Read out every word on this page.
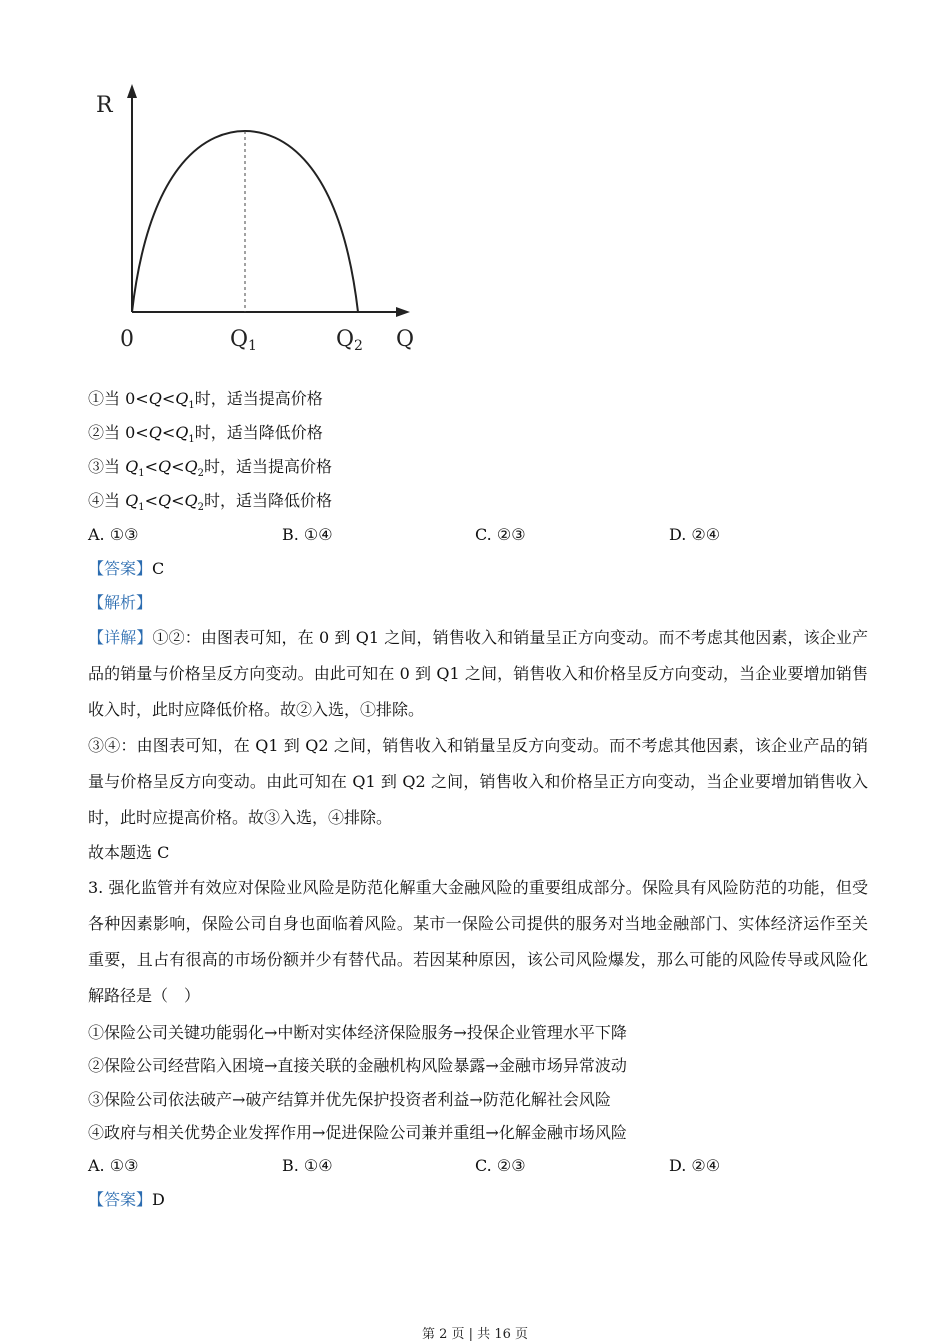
R
0	Q1	Q2 Q
①当 $0<Q<Q_1$时，适当提高价格
②当 $0<Q<Q_1$时，适当降低价格
③当 $Q_1<Q<Q_2$时，适当提高价格
④当 $Q_1<Q<Q_2$时，适当降低价格
A. ①③	B. ①④	C. ②③	D. ②④
【答案】C
【解析】
【详解】①②：由图表可知，在 0 到 Q1 之间，销售收入和销量呈正方向变动。而不考虑其他因素，该企业产品的销量与价格呈反方向变动。由此可知在 0 到 Q1 之间，销售收入和价格呈反方向变动，当企业要增加销售收入时，此时应降低价格。故②入选，①排除。
③④：由图表可知，在 Q1 到 Q2 之间，销售收入和销量呈反方向变动。而不考虑其他因素，该企业产品的销量与价格呈反方向变动。由此可知在 Q1 到 Q2 之间，销售收入和价格呈正方向变动，当企业要增加销售收入时，此时应提高价格。故③入选，④排除。
故本题选 C
3. 强化监管并有效应对保险业风险是防范化解重大金融风险的重要组成部分。保险具有风险防范的功能，但受各种因素影响，保险公司自身也面临着风险。某市一保险公司提供的服务对当地金融部门、实体经济运作至关重要，且占有很高的市场份额并少有替代品。若因某种原因，该公司风险爆发，那么可能的风险传导或风险化解路径是（　）
①保险公司关键功能弱化→中断对实体经济保险服务→投保企业管理水平下降
②保险公司经营陷入困境→直接关联的金融机构风险暴露→金融市场异常波动
③保险公司依法破产→破产结算并优先保护投资者利益→防范化解社会风险
④政府与相关优势企业发挥作用→促进保险公司兼并重组→化解金融市场风险
A. ①③	B. ①④	C. ②③	D. ②④
【答案】D
第 2 页 | 共 16 页
